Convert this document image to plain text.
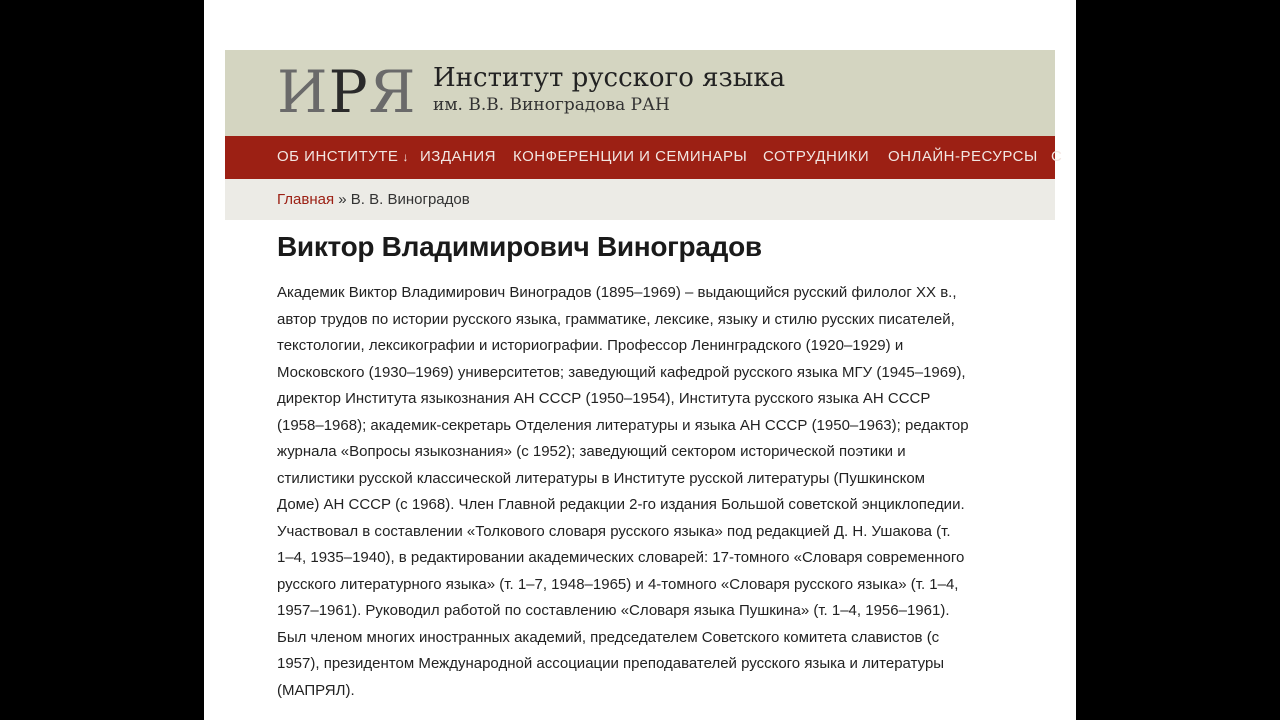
ИРЯ Институт русского языка
им. В.В. Виноградова РАН
ОБ ИНСТИТУТЕ ↓ ИЗДАНИЯ КОНФЕРЕНЦИИ И СЕМИНАРЫ СОТРУДНИКИ ОНЛАЙН-РЕСУРСЫ С
Главная » В. В. Виноградов
Виктор Владимирович Виноградов
Академик Виктор Владимирович Виноградов (1895–1969) – выдающийся русский филолог ХХ в.,
автор трудов по истории русского языка, грамматике, лексике, языку и стилю русских писателей,
текстологии, лексикографии и историографии. Профессор Ленинградского (1920–1929) и
Московского (1930–1969) университетов; заведующий кафедрой русского языка МГУ (1945–1969),
директор Института языкознания АН СССР (1950–1954), Института русского языка АН СССР
(1958–1968); академик-секретарь Отделения литературы и языка АН СССР (1950–1963); редактор
журнала «Вопросы языкознания» (с 1952); заведующий сектором исторической поэтики и
стилистики русской классической литературы в Институте русской литературы (Пушкинском
Доме) АН СССР (с 1968). Член Главной редакции 2-го издания Большой советской энциклопедии.
Участвовал в составлении «Толкового словаря русского языка» под редакцией Д. Н. Ушакова (т.
1–4, 1935–1940), в редактировании академических словарей: 17-томного «Словаря современного
русского литературного языка» (т. 1–7, 1948–1965) и 4-томного «Словаря русского языка» (т. 1–4,
1957–1961). Руководил работой по составлению «Словаря языка Пушкина» (т. 1–4, 1956–1961).
Был членом многих иностранных академий, председателем Советского комитета славистов (с
1957), президентом Международной ассоциации преподавателей русского языка и литературы
(МАПРЯЛ).
